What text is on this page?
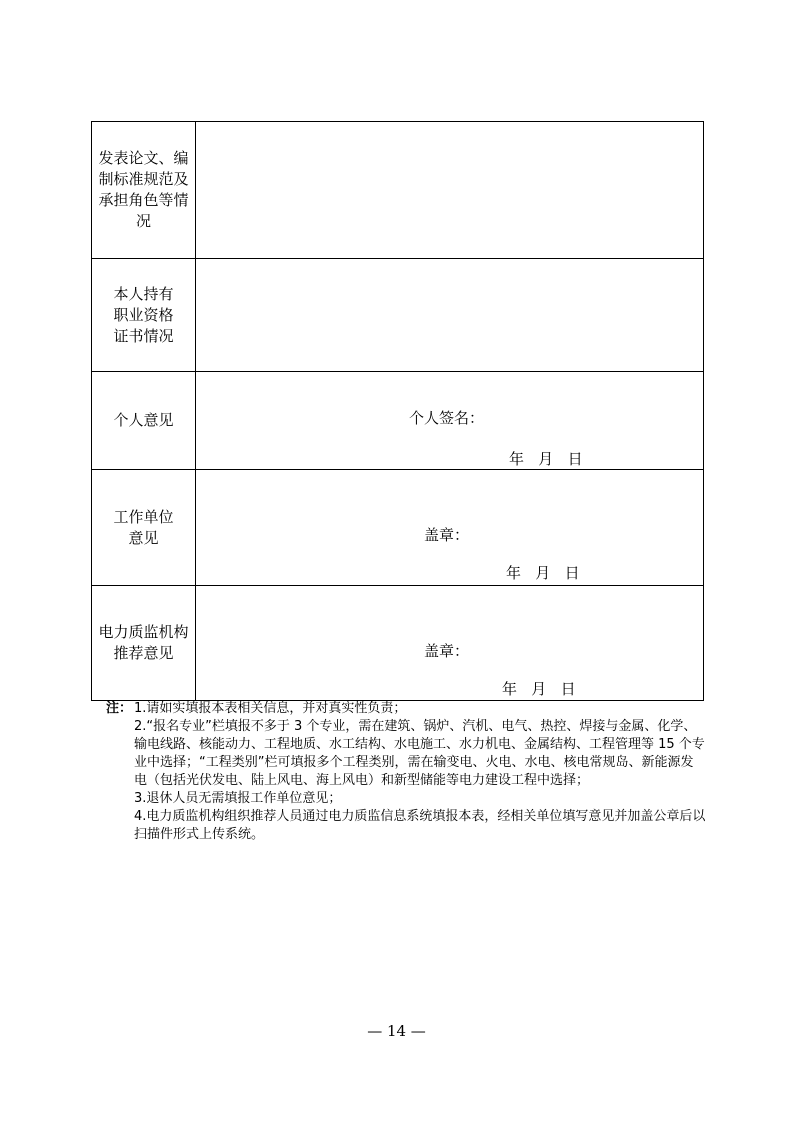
发表论文、编制标准规范及承担角色等情况	

本人持有职业资格证书情况	

个人意见	个人签名：
年   月   日

工作单位意见	盖章：
年   月   日

电力质监机构推荐意见	盖章：
年   月   日
注： 1.请如实填报本表相关信息，并对真实性负责；
2.“报名专业”栏填报不多于 3 个专业，需在建筑、锅炉、汽机、电气、热控、焊接与金属、化学、输电线路、核能动力、工程地质、水工结构、水电施工、水力机电、金属结构、工程管理等 15 个专业中选择；“工程类别”栏可填报多个工程类别，需在输变电、火电、水电、核电常规岛、新能源发电（包括光伏发电、陆上风电、海上风电）和新型储能等电力建设工程中选择；
3.退休人员无需填报工作单位意见；
4.电力质监机构组织推荐人员通过电力质监信息系统填报本表，经相关单位填写意见并加盖公章后以扫描件形式上传系统。
— 14 —
